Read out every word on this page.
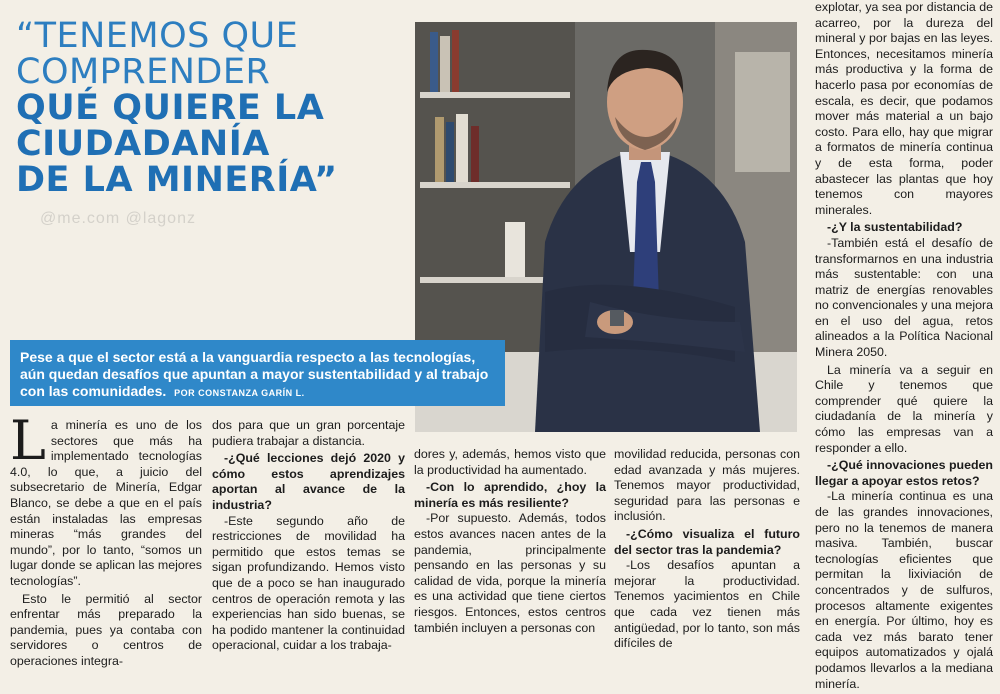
“TENEMOS QUE
COMPRENDER
QUÉ QUIERE LA
CIUDADANÍA
DE LA MINERÍA”
@me.com @lagonz
Pese a que el sector está a la vanguardia respecto a las tecnologías, aún quedan desafíos que apuntan a mayor sustentabilidad y al trabajo con las comunidades. POR CONSTANZA GARÍN L.
L a minería es uno de los sectores que más ha implementado tecnologías 4.0, lo que, a juicio del subsecretario de Minería, Edgar Blanco, se debe a que en el país están instaladas las empresas mineras “más grandes del mundo”, por lo tanto, “somos un lugar donde se aplican las mejores tecnologías”.

Esto le permitió al sector enfrentar más preparado la pandemia, pues ya contaba con servidores o centros de operaciones integra-

dos para que un gran porcentaje pudiera trabajar a distancia.

-¿Qué lecciones dejó 2020 y cómo estos aprendizajes aportan al avance de la industria?

-Este segundo año de restricciones de movilidad ha permitido que estos temas se sigan profundizando. Hemos visto que de a poco se han inaugurado centros de operación remota y las experiencias han sido buenas, se ha podido mantener la continuidad operacional, cuidar a los trabaja-

dores y, además, hemos visto que la productividad ha aumentado.

-Con lo aprendido, ¿hoy la minería es más resiliente?

-Por supuesto. Además, todos estos avances nacen antes de la pandemia, principalmente pensando en las personas y su calidad de vida, porque la minería es una actividad que tiene ciertos riesgos. Entonces, estos centros también incluyen a personas con

movilidad reducida, personas con edad avanzada y más mujeres. Tenemos mayor productividad, seguridad para las personas e inclusión.

-¿Cómo visualiza el futuro del sector tras la pandemia?

-Los desafíos apuntan a mejorar la productividad. Tenemos yacimientos en Chile que cada vez tienen más antigüedad, por lo tanto, son más difíciles de

explotar, ya sea por distancia de acarreo, por la dureza del mineral y por bajas en las leyes. Entonces, necesitamos minería más productiva y la forma de hacerlo pasa por economías de escala, es decir, que podamos mover más material a un bajo costo. Para ello, hay que migrar a formatos de minería continua y de esta forma, poder abastecer las plantas que hoy tenemos con mayores minerales.

-¿Y la sustentabilidad?

-También está el desafío de transformarnos en una industria más sustentable: con una matriz de energías renovables no convencionales y una mejora en el uso del agua, retos alineados a la Política Nacional Minera 2050.

La minería va a seguir en Chile y tenemos que comprender qué quiere la ciudadanía de la minería y cómo las empresas van a responder a ello.

-¿Qué innovaciones pueden llegar a apoyar estos retos?

-La minería continua es una de las grandes innovaciones, pero no la tenemos de manera masiva. También, buscar tecnologías eficientes que permitan la lixiviación de concentrados y de sulfuros, procesos altamente exigentes en energía. Por último, hoy es cada vez más barato tener equipos automatizados y ojalá podamos llevarlos a la mediana minería.
